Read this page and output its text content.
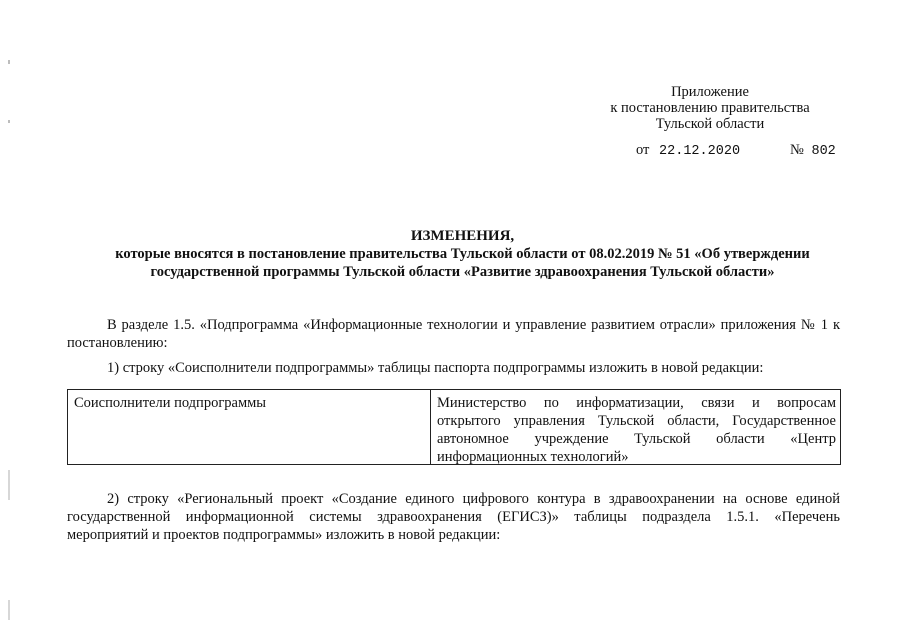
Приложение
к постановлению правительства
Тульской области
от 22.12.2020	№ 802
ИЗМЕНЕНИЯ,
которые вносятся в постановление правительства Тульской области от 08.02.2019 № 51 «Об утверждении
государственной программы Тульской области «Развитие здравоохранения Тульской области»
В разделе 1.5. «Подпрограмма «Информационные технологии и управление развитием отрасли» приложения № 1 к постановлению:
1) строку «Соисполнители подпрограммы» таблицы паспорта подпрограммы изложить в новой редакции:
Соисполнители подпрограммы	Министерство по информатизации, связи и вопросам
открытого управления Тульской области, Государственное
автономное учреждение Тульской области «Центр
информационных технологий»
2) строку «Региональный проект «Создание единого цифрового контура в здравоохранении на основе единой
государственной информационной системы здравоохранения (ЕГИСЗ)» таблицы подраздела 1.5.1. «Перечень
мероприятий и проектов подпрограммы» изложить в новой редакции:
